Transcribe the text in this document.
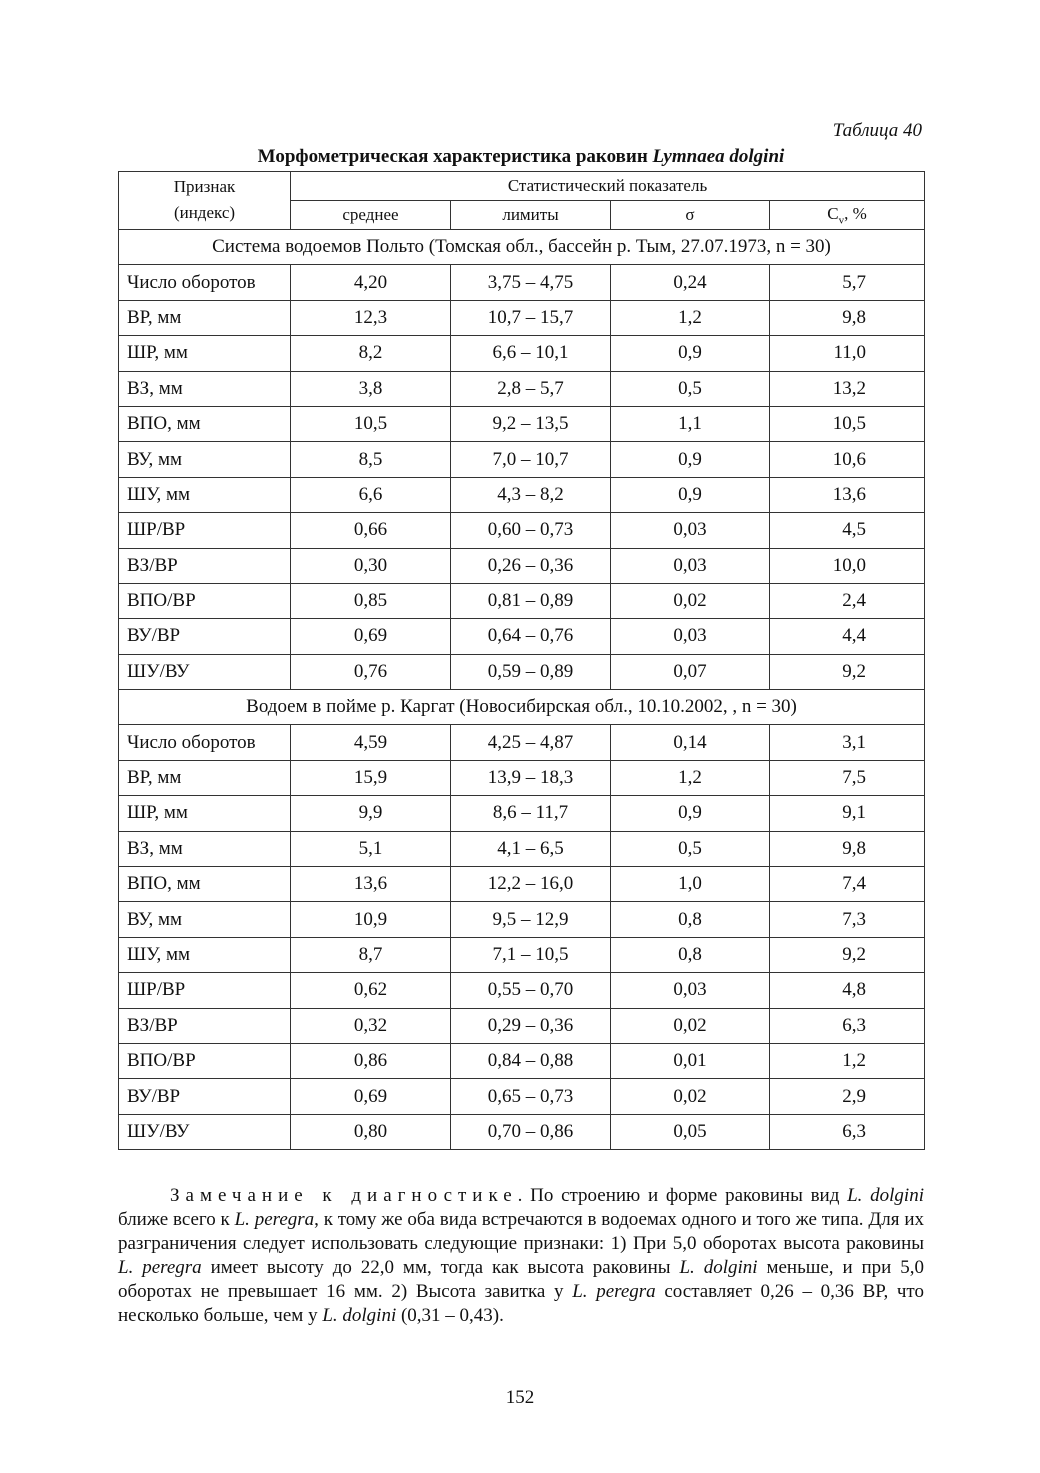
Таблица 40
Морфометрическая характеристика раковин Lymnaea dolgini
Признак
(индекс)	Статистический показатель			
	среднее	лимиты	σ	$C_v$, %
Система водоемов Польто (Томская обл., бассейн р. Тым, 27.07.1973, n = 30)				
Число оборотов	4,20	3,75 – 4,75	0,24	5,7
ВР, мм	12,3	10,7 – 15,7	1,2	9,8
ШР, мм	8,2	6,6 – 10,1	0,9	11,0
ВЗ, мм	3,8	2,8 – 5,7	0,5	13,2
ВПО, мм	10,5	9,2 – 13,5	1,1	10,5
ВУ, мм	8,5	7,0 – 10,7	0,9	10,6
ШУ, мм	6,6	4,3 – 8,2	0,9	13,6
ШР/ВР	0,66	0,60 – 0,73	0,03	4,5
ВЗ/ВР	0,30	0,26 – 0,36	0,03	10,0
ВПО/ВР	0,85	0,81 – 0,89	0,02	2,4
ВУ/ВР	0,69	0,64 – 0,76	0,03	4,4
ШУ/ВУ	0,76	0,59 – 0,89	0,07	9,2
Водоем в пойме р. Каргат (Новосибирская обл., 10.10.2002, , n = 30)				
Число оборотов	4,59	4,25 – 4,87	0,14	3,1
ВР, мм	15,9	13,9 – 18,3	1,2	7,5
ШР, мм	9,9	8,6 – 11,7	0,9	9,1
ВЗ, мм	5,1	4,1 – 6,5	0,5	9,8
ВПО, мм	13,6	12,2 – 16,0	1,0	7,4
ВУ, мм	10,9	9,5 – 12,9	0,8	7,3
ШУ, мм	8,7	7,1 – 10,5	0,8	9,2
ШР/ВР	0,62	0,55 – 0,70	0,03	4,8
ВЗ/ВР	0,32	0,29 – 0,36	0,02	6,3
ВПО/ВР	0,86	0,84 – 0,88	0,01	1,2
ВУ/ВР	0,69	0,65 – 0,73	0,02	2,9
ШУ/ВУ	0,80	0,70 – 0,86	0,05	6,3
Замечание к диагностике. По строению и форме раковины вид L. dolgini ближе всего к L. peregra, к тому же оба вида встречаются в водоемах одного и того же типа. Для их разграничения следует использовать следующие признаки: 1) При 5,0 оборотах высота раковины L. peregra имеет высоту до 22,0 мм, тогда как высота раковины L. dolgini меньше, и при 5,0 оборотах не превышает 16 мм. 2) Высота завитка у L. peregra составляет 0,26 – 0,36 ВР, что несколько больше, чем у L. dolgini (0,31 – 0,43).
152
